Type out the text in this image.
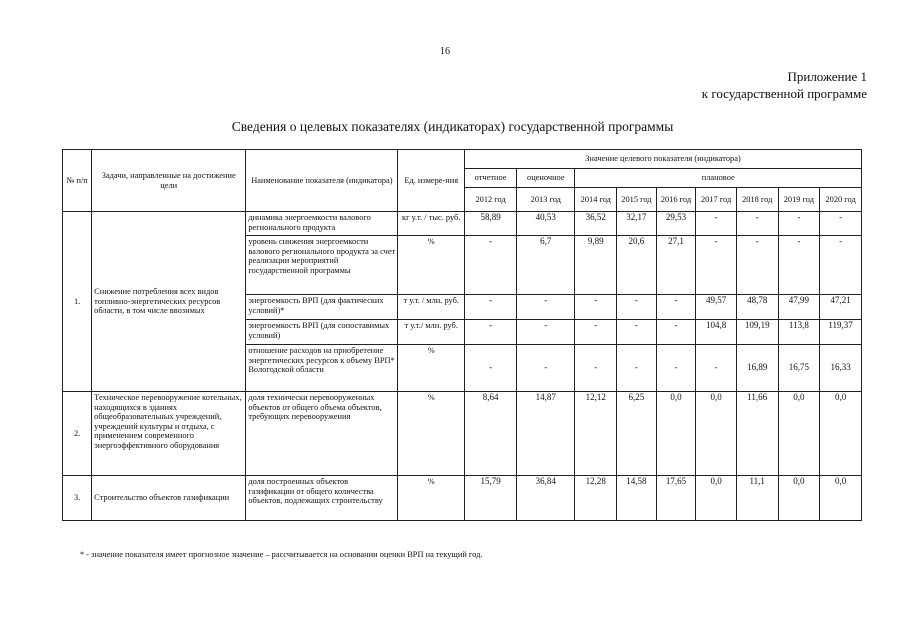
16
Приложение 1
к государственной программе
Сведения о целевых показателях (индикаторах) государственной программы
№ п/п	Задачи, направленные на достижение цели	Наименование показателя (индикатора)	Ед. измере-ния	Значение целевого показателя (индикатора)								
				отчетное	оценочное	плановое						
				2012 год	2013 год	2014 год	2015 год	2016 год	2017 год	2018 год	2019 год	2020 год
1.	Снижение потребления всех видов топливно-энергетических ресурсов области, в том числе ввозимых	динамика энергоемкости валового регионального продукта	кг у.т. / тыс. руб.	58,89	40,53	36,52	32,17	29,53	-	-	-	-
		уровень снижения энергоемкости валового регионального продукта за счет реализации мероприятий государственной программы	%	-	6,7	9,89	20,6	27,1	-	-	-	-
		энергоемкость ВРП (для фактических условий)*	т у.т. / млн. руб.	-	-	-	-	-	49,57	48,78	47,99	47,21
		энергоемкость ВРП (для сопоставимых условий)	т у.т./ млн. руб.	-	-	-	-	-	104,8	109,19	113,8	119,37
		отношение расходов на приобретение энергетических ресурсов к объему ВРП* Вологодской области	%	-	-	-	-	-	-	16,89	16,75	16,33
2.	Техническое перевооружение котельных, находящихся в зданиях общеобразовательных учреждений, учреждений культуры и отдыха, с применением современного энергоэффективного оборудования	доля технически перевооруженных объектов от общего объема объектов, требующих перевооружения	%	8,64	14,87	12,12	6,25	0,0	0,0	11,66	0,0	0,0
3.	Строительство объектов газификации	доля построенных объектов газификации от общего количества объектов, подлежащих строительству	%	15,79	36,84	12,28	14,58	17,65	0,0	11,1	0,0	0,0
* - значение показателя имеет прогнозное значение – рассчитывается на основании оценки ВРП на текущий год.
